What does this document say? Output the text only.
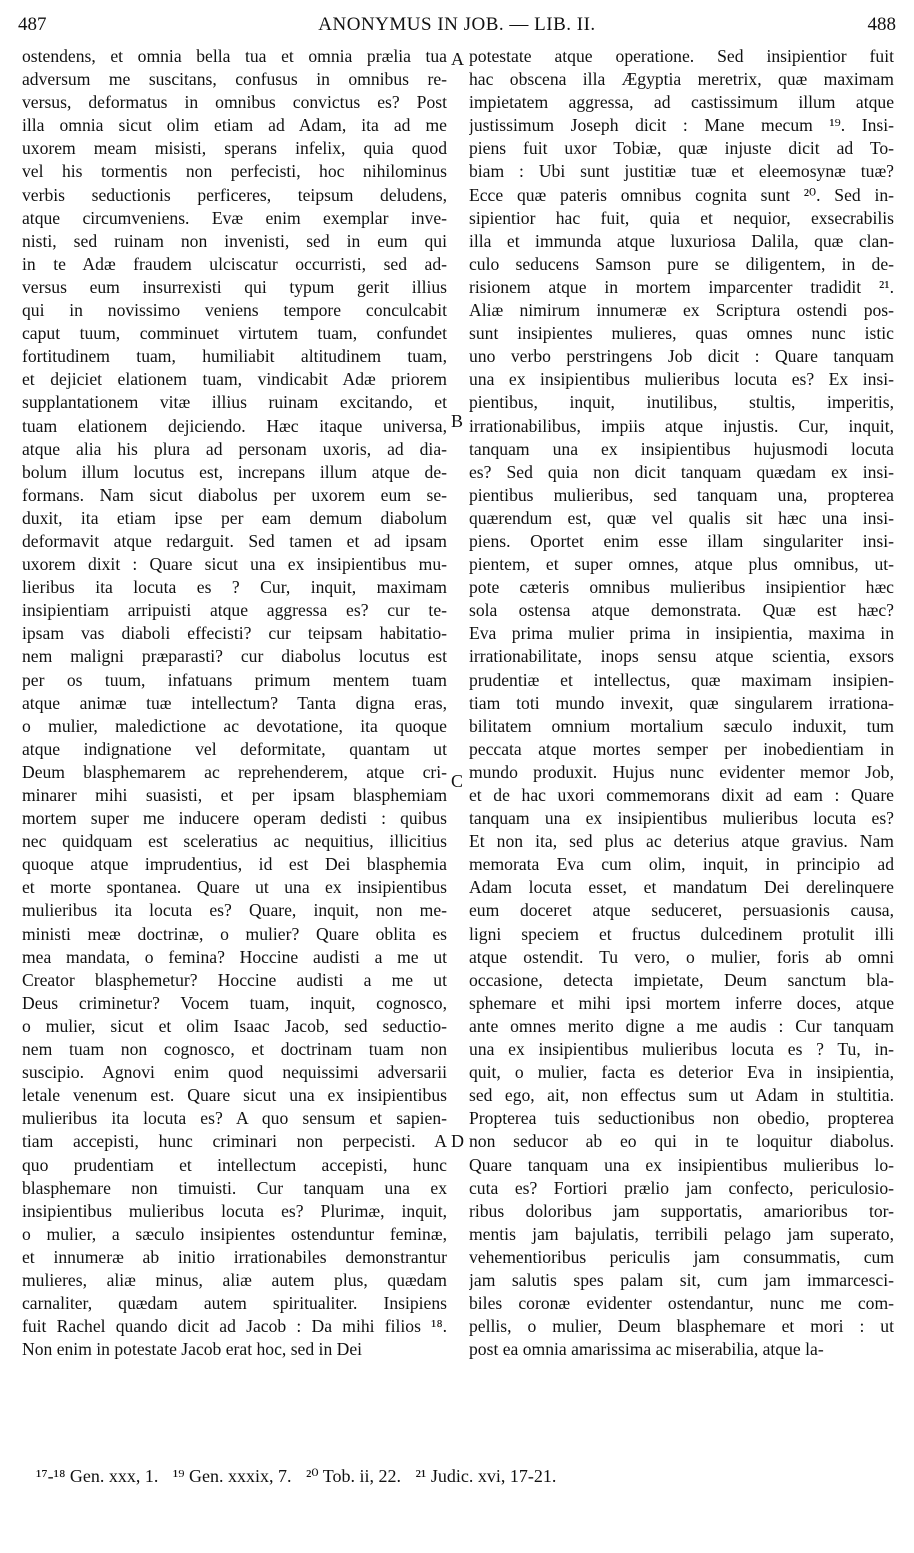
487	ANONYMUS IN JOB. — LIB. II.	488
ostendens, et omnia bella tua et omnia prælia tua
adversum me suscitans, confusus in omnibus re-
versus, deformatus in omnibus convictus es? Post
illa omnia sicut olim etiam ad Adam, ita ad me
uxorem meam misisti, sperans infelix, quia quod
vel his tormentis non perfecisti, hoc nihilominus
verbis seductionis perficeres, teipsum deludens,
atque circumveniens. Evæ enim exemplar inve-
nisti, sed ruinam non invenisti, sed in eum qui
in te Adæ fraudem ulciscatur occurristi, sed ad-
versus eum insurrexisti qui typum gerit illius
qui in novissimo veniens tempore conculcabit
caput tuum, comminuet virtutem tuam, confundet
fortitudinem tuam, humiliabit altitudinem tuam,
et dejiciet elationem tuam, vindicabit Adæ priorem
supplantationem vitæ illius ruinam excitando, et
tuam elationem dejiciendo. Hæc itaque universa,
atque alia his plura ad personam uxoris, ad dia-
bolum illum locutus est, increpans illum atque de-
formans. Nam sicut diabolus per uxorem eum se-
duxit, ita etiam ipse per eam demum diabolum
deformavit atque redarguit. Sed tamen et ad ipsam
uxorem dixit : Quare sicut una ex insipientibus mu-
lieribus ita locuta es ? Cur, inquit, maximam
insipientiam arripuisti atque aggressa es? cur te-
ipsam vas diaboli effecisti? cur teipsam habitatio-
nem maligni præparasti? cur diabolus locutus est
per os tuum, infatuans primum mentem tuam
atque animæ tuæ intellectum? Tanta digna eras,
o mulier, maledictione ac devotatione, ita quoque
atque indignatione vel deformitate, quantam ut
Deum blasphemarem ac reprehenderem, atque cri-
minarer mihi suasisti, et per ipsam blasphemiam
mortem super me inducere operam dedisti : quibus
nec quidquam est sceleratius ac nequitius, illicitius
quoque atque imprudentius, id est Dei blasphemia
et morte spontanea. Quare ut una ex insipientibus
mulieribus ita locuta es? Quare, inquit, non me-
ministi meæ doctrinæ, o mulier? Quare oblita es
mea mandata, o femina? Hoccine audisti a me ut
Creator blasphemetur? Hoccine audisti a me ut
Deus criminetur? Vocem tuam, inquit, cognosco,
o mulier, sicut et olim Isaac Jacob, sed seductio-
nem tuam non cognosco, et doctrinam tuam non
suscipio. Agnovi enim quod nequissimi adversarii
letale venenum est. Quare sicut una ex insipientibus
mulieribus ita locuta es? A quo sensum et sapien-
tiam accepisti, hunc criminari non perpecisti. A
quo prudentiam et intellectum accepisti, hunc
blasphemare non timuisti. Cur tanquam una ex
insipientibus mulieribus locuta es? Plurimæ, inquit,
o mulier, a sæculo insipientes ostenduntur feminæ,
et innumeræ ab initio irrationabiles demonstrantur
mulieres, aliæ minus, aliæ autem plus, quædam
carnaliter, quædam autem spiritualiter. Insipiens
fuit Rachel quando dicit ad Jacob : Da mihi filios ¹⁸.
Non enim in potestate Jacob erat hoc, sed in Dei
potestate atque operatione. Sed insipientior fuit
hac obscena illa Ægyptia meretrix, quæ maximam
impietatem aggressa, ad castissimum illum atque
justissimum Joseph dicit : Mane mecum ¹⁹. Insi-
piens fuit uxor Tobiæ, quæ injuste dicit ad To-
biam : Ubi sunt justitiæ tuæ et eleemosynæ tuæ?
Ecce quæ pateris omnibus cognita sunt ²⁰. Sed in-
sipientior hac fuit, quia et nequior, exsecrabilis
illa et immunda atque luxuriosa Dalila, quæ clan-
culo seducens Samson pure se diligentem, in de-
risionem atque in mortem imparcenter tradidit ²¹.
Aliæ nimirum innumeræ ex Scriptura ostendi pos-
sunt insipientes mulieres, quas omnes nunc istic
uno verbo perstringens Job dicit : Quare tanquam
una ex insipientibus mulieribus locuta es? Ex insi-
pientibus, inquit, inutilibus, stultis, imperitis,
irrationabilibus, impiis atque injustis. Cur, inquit,
tanquam una ex insipientibus hujusmodi locuta
es? Sed quia non dicit tanquam quædam ex insi-
pientibus mulieribus, sed tanquam una, propterea
quærendum est, quæ vel qualis sit hæc una insi-
piens. Oportet enim esse illam singulariter insi-
pientem, et super omnes, atque plus omnibus, ut-
pote cæteris omnibus mulieribus insipientior hæc
sola ostensa atque demonstrata. Quæ est hæc?
Eva prima mulier prima in insipientia, maxima in
irrationabilitate, inops sensu atque scientia, exsors
prudentiæ et intellectus, quæ maximam insipien-
tiam toti mundo invexit, quæ singularem irrationa-
bilitatem omnium mortalium sæculo induxit, tum
peccata atque mortes semper per inobedientiam in
mundo produxit. Hujus nunc evidenter memor Job,
et de hac uxori commemorans dixit ad eam : Quare
tanquam una ex insipientibus mulieribus locuta es?
Et non ita, sed plus ac deterius atque gravius. Nam
memorata Eva cum olim, inquit, in principio ad
Adam locuta esset, et mandatum Dei derelinquere
eum doceret atque seduceret, persuasionis causa,
ligni speciem et fructus dulcedinem protulit illi
atque ostendit. Tu vero, o mulier, foris ab omni
occasione, detecta impietate, Deum sanctum bla-
sphemare et mihi ipsi mortem inferre doces, atque
ante omnes merito digne a me audis : Cur tanquam
una ex insipientibus mulieribus locuta es ? Tu, in-
quit, o mulier, facta es deterior Eva in insipientia,
sed ego, ait, non effectus sum ut Adam in stultitia.
Propterea tuis seductionibus non obedio, propterea
non seducor ab eo qui in te loquitur diabolus.
Quare tanquam una ex insipientibus mulieribus lo-
cuta es? Fortiori prælio jam confecto, periculosio-
ribus doloribus jam supportatis, amarioribus tor-
mentis jam bajulatis, terribili pelago jam superato,
vehementioribus periculis jam consummatis, cum
jam salutis spes palam sit, cum jam immarcesci-
biles coronæ evidenter ostendantur, nunc me com-
pellis, o mulier, Deum blasphemare et mori : ut
post ea omnia amarissima ac miserabilia, atque la-
A
B
C
D
¹⁷-¹⁸ Gen. xxx, 1. ¹⁹ Gen. xxxix, 7. ²⁰ Tob. ii, 22. ²¹ Judic. xvi, 17-21.
